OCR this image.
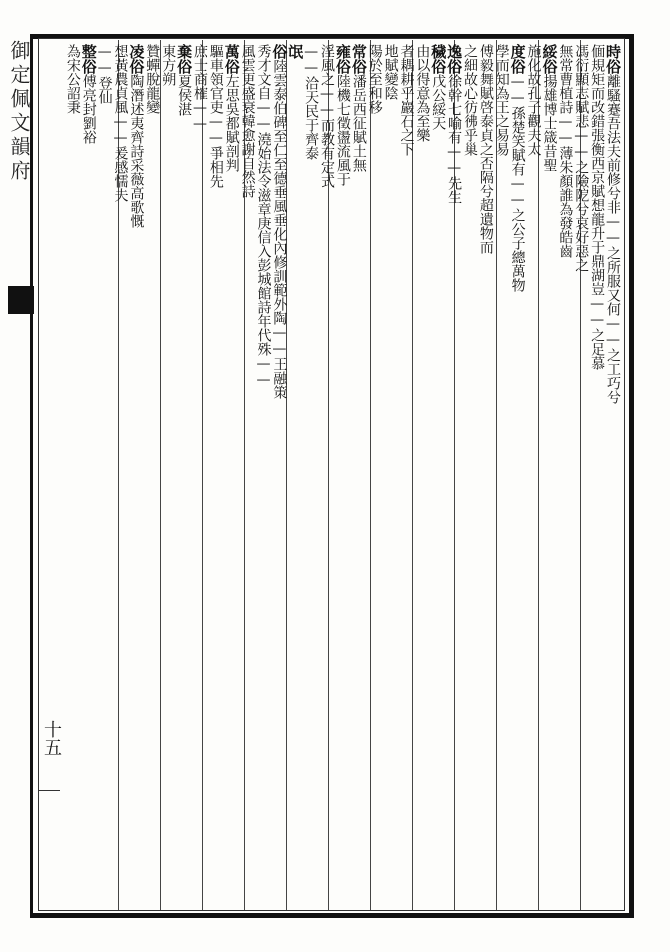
御定佩文韻府
十五
時俗離騷蹇吾法夫前修兮非——之所服又何——之工巧兮
偭規矩而改錯張衡西京賦想龍升于鼎湖豈——之足慕
馮衍顯志賦悲——之險阸兮哀好惡之
無常曹植詩——薄朱顏誰為發皓齒
綏俗揚雄博士箴昔聖
施化故孔子觀夫太
度俗——孫楚笑賦有——之公子總萬物
學而知為王之易易
傅毅舞賦啓泰貞之否隔兮超遺物而
之細故心彷彿乎巢
逸俗徐幹七喻有——先生
穢俗戊公綏天
由以得意為至樂
者耦耕乎巖石之下
地賦變陰
陽於至和移
常俗潘岳西征賦土無
雍俗陸機七徵盪流風于
淫風之——而教有定式
——洽天民于齊泰
氓
俗陸雲泰伯碑至仁至德垂風垂化內修訓範外陶——王融策
秀才文自——澆始法令滋章庚信入彭城館詩年代殊——
風雲更盛衰韓愈謝自然詩
萬俗左思吳都賦剖判
驅車領官吏——爭相先
庶士商榷——
棄俗夏侯湛
東方朔
贊蟬脫龍變
凌俗陶潛述夷齊詩采薇高歌慨
想黃農貞風——爰感懦夫
——登仙
整俗傅亮封劉裕
為宋公詔秉
